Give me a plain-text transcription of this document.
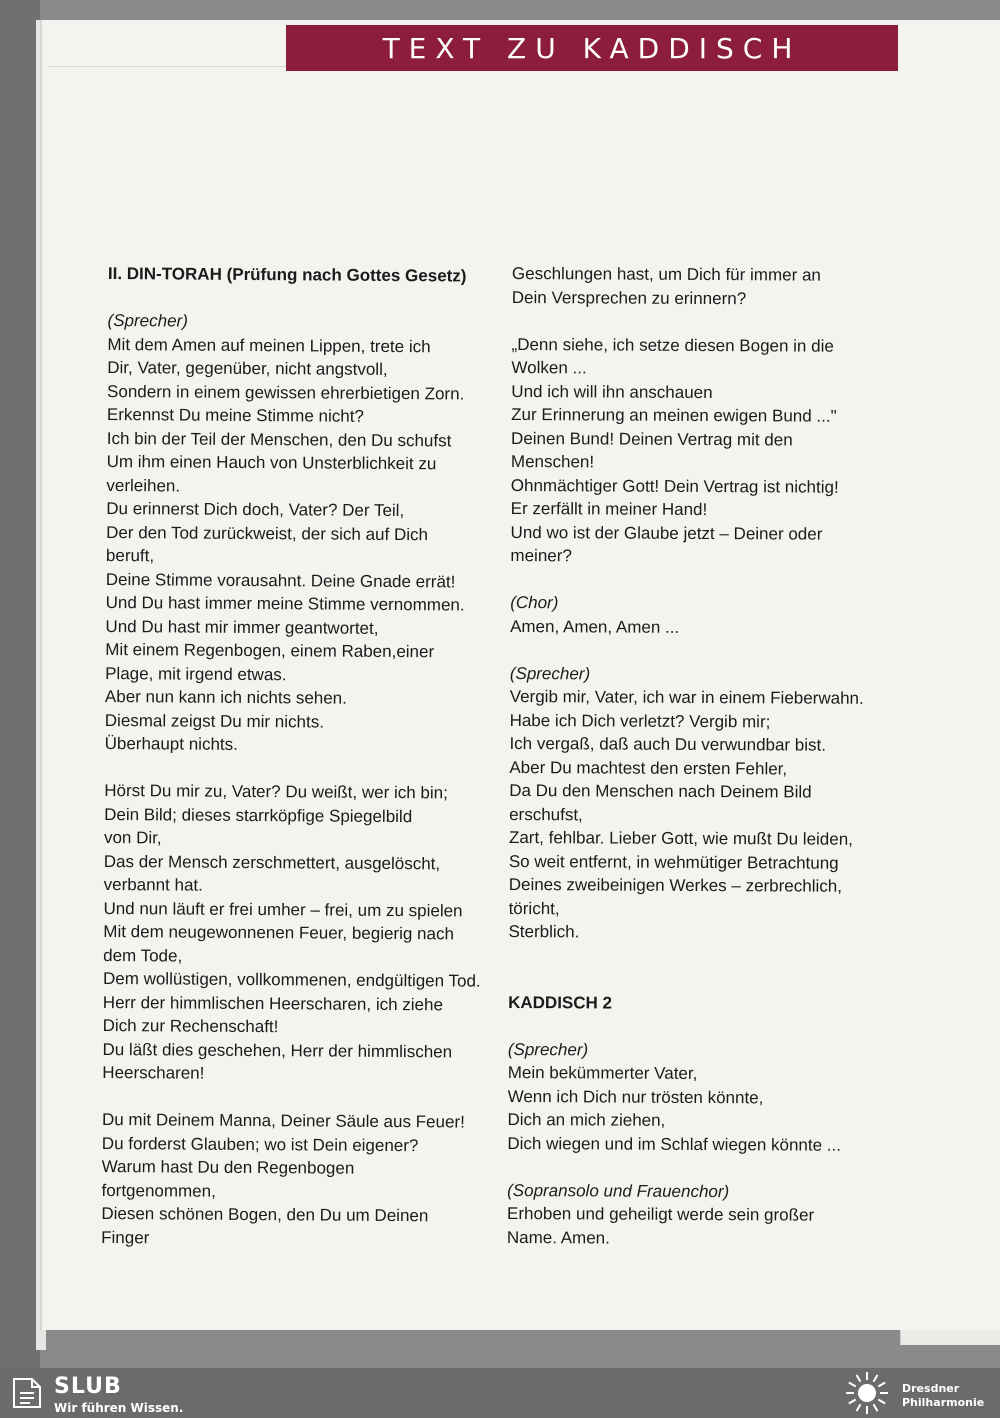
TEXT ZU KADDISCH
II. DIN-TORAH (Prüfung nach Gottes Gesetz)
(Sprecher)
Mit dem Amen auf meinen Lippen, trete ich
Dir, Vater, gegenüber, nicht angstvoll,
Sondern in einem gewissen ehrerbietigen Zorn.
Erkennst Du meine Stimme nicht?
Ich bin der Teil der Menschen, den Du schufst
Um ihm einen Hauch von Unsterblichkeit zu
verleihen.
Du erinnerst Dich doch, Vater? Der Teil,
Der den Tod zurückweist, der sich auf Dich
beruft,
Deine Stimme vorausahnt. Deine Gnade errät!
Und Du hast immer meine Stimme vernommen.
Und Du hast mir immer geantwortet,
Mit einem Regenbogen, einem Raben,einer
Plage, mit irgend etwas.
Aber nun kann ich nichts sehen.
Diesmal zeigst Du mir nichts.
Überhaupt nichts.
Hörst Du mir zu, Vater? Du weißt, wer ich bin;
Dein Bild; dieses starrköpfige Spiegelbild
von Dir,
Das der Mensch zerschmettert, ausgelöscht,
verbannt hat.
Und nun läuft er frei umher – frei, um zu spielen
Mit dem neugewonnenen Feuer, begierig nach
dem Tode,
Dem wollüstigen, vollkommenen, endgültigen Tod.
Herr der himmlischen Heerscharen, ich ziehe
Dich zur Rechenschaft!
Du läßt dies geschehen, Herr der himmlischen
Heerscharen!
Du mit Deinem Manna, Deiner Säule aus Feuer!
Du forderst Glauben; wo ist Dein eigener?
Warum hast Du den Regenbogen
fortgenommen,
Diesen schönen Bogen, den Du um Deinen
Finger
Geschlungen hast, um Dich für immer an
Dein Versprechen zu erinnern?
„Denn siehe, ich setze diesen Bogen in die
Wolken ...
Und ich will ihn anschauen
Zur Erinnerung an meinen ewigen Bund ..."
Deinen Bund! Deinen Vertrag mit den
Menschen!
Ohnmächtiger Gott! Dein Vertrag ist nichtig!
Er zerfällt in meiner Hand!
Und wo ist der Glaube jetzt – Deiner oder
meiner?
(Chor)
Amen, Amen, Amen ...
(Sprecher)
Vergib mir, Vater, ich war in einem Fieberwahn.
Habe ich Dich verletzt? Vergib mir;
Ich vergaß, daß auch Du verwundbar bist.
Aber Du machtest den ersten Fehler,
Da Du den Menschen nach Deinem Bild
erschufst,
Zart, fehlbar. Lieber Gott, wie mußt Du leiden,
So weit entfernt, in wehmütiger Betrachtung
Deines zweibeinigen Werkes – zerbrechlich,
töricht,
Sterblich.
KADDISCH 2
(Sprecher)
Mein bekümmerter Vater,
Wenn ich Dich nur trösten könnte,
Dich an mich ziehen,
Dich wiegen und im Schlaf wiegen könnte ...
(Sopransolo und Frauenchor)
Erhoben und geheiligt werde sein großer
Name. Amen.
SLUB
Wir führen Wissen.
Dresdner
Philharmonie
